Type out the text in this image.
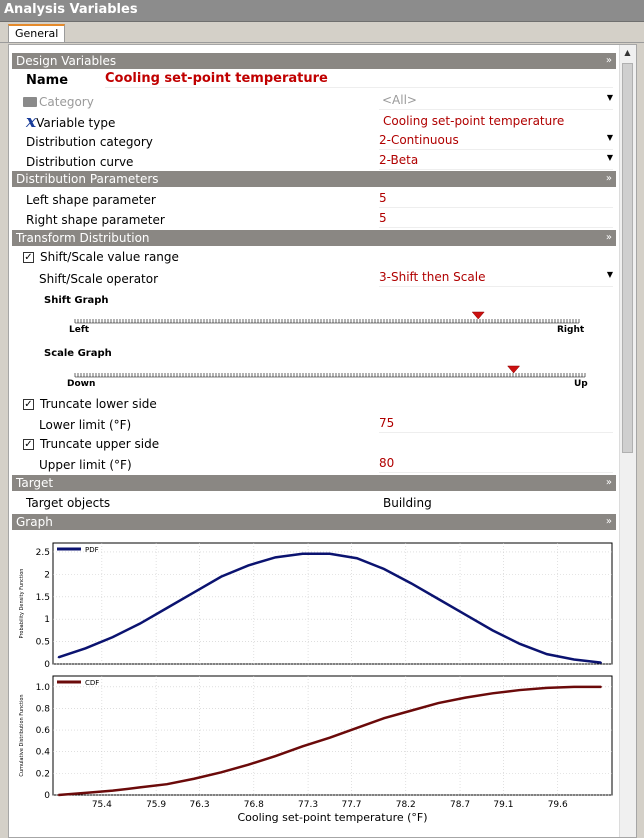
Analysis Variables
General
Design Variables	»
Name	Cooling set-point temperature
Category	<All>	▼
xVariable type	Cooling set-point temperature
Distribution category	2-Continuous	▼
Distribution curve	2-Beta	▼
Distribution Parameters	»
Left shape parameter	5
Right shape parameter	5
Transform Distribution	»
✓ Shift/Scale value range
Shift/Scale operator	3-Shift then Scale	▼
Shift Graph
Left	Right
Scale Graph
Down	Up
✓ Truncate lower side
Lower limit (°F)	75
✓ Truncate upper side
Upper limit (°F)	80
Target	»
Target objects	Building
Graph	»
0
0.5
1
1.5
2
2.5	PDF
Probability Density Function
0
0.2
0.4
0.6
0.8
1.0
75.4	75.9	76.3	76.8	77.3	77.7	78.2	78.7	79.1	79.6
CDF
Cumulative Distribution Function
Cooling set-point temperature (°F)
▲
